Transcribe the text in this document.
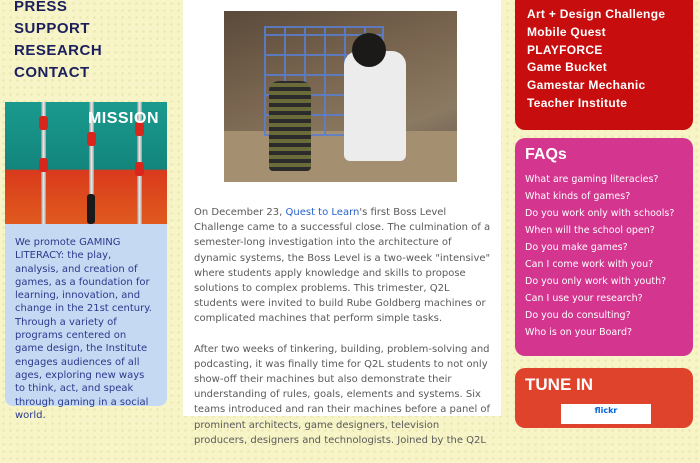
PRESS
SUPPORT
RESEARCH
CONTACT
MISSION
We promote GAMING LITERACY: the play, analysis, and creation of games, as a foundation for learning, innovation, and change in the 21st century. Through a variety of programs centered on game design, the Institute engages audiences of all ages, exploring new ways to think, act, and speak through gaming in a social world.

On December 23, Quest to Learn's first Boss Level Challenge came to a successful close. The culmination of a semester-long investigation into the architecture of dynamic systems, the Boss Level is a two-week "intensive" where students apply knowledge and skills to propose solutions to complex problems. This trimester, Q2L students were invited to build Rube Goldberg machines or complicated machines that perform simple tasks.

After two weeks of tinkering, building, problem-solving and podcasting, it was finally time for Q2L students to not only show-off their machines but also demonstrate their understanding of rules, goals, elements and systems. Six teams introduced and ran their machines before a panel of prominent architects, game designers, television producers, designers and technologists. Joined by the Q2L

Art + Design Challenge
Mobile Quest
PLAYFORCE
Game Bucket
Gamestar Mechanic
Teacher Institute
FAQs
What are gaming literacies?
What kinds of games?
Do you work only with schools?
When will the school open?
Do you make games?
Can I come work with you?
Do you only work with youth?
Can I use your research?
Do you do consulting?
Who is on your Board?
TUNE IN
flickr
